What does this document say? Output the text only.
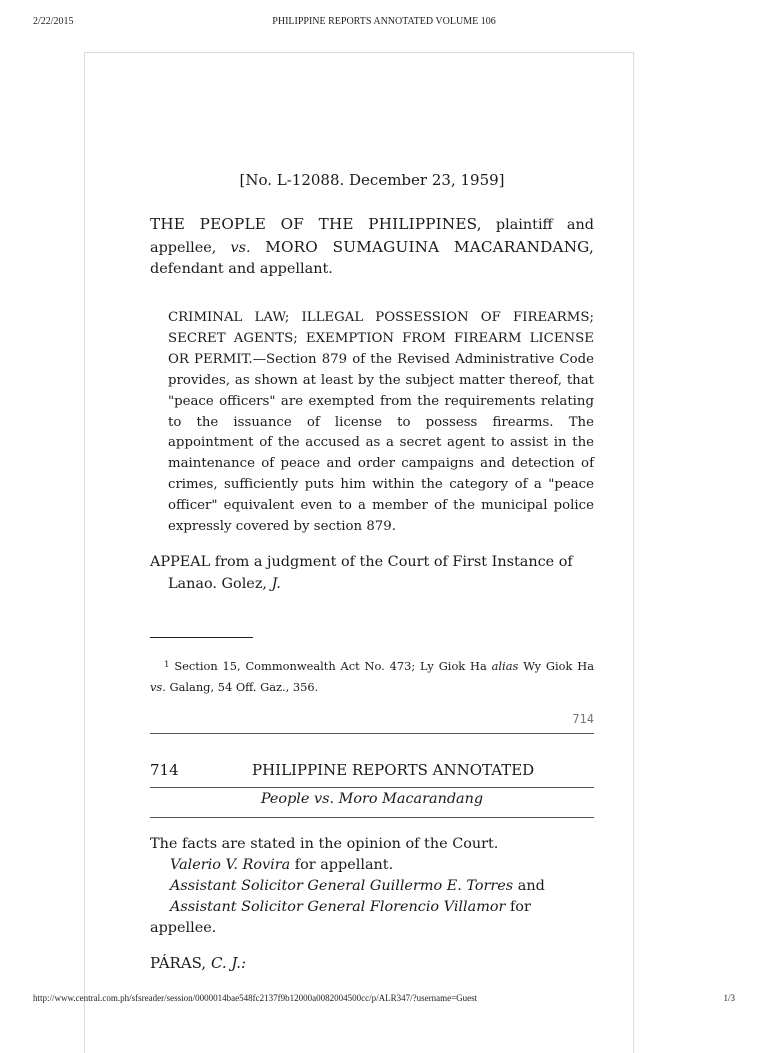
2/22/2015	PHILIPPINE REPORTS ANNOTATED VOLUME 106
[No. L-12088. December 23, 1959]

THE PEOPLE OF THE PHILIPPINES, plaintiff and appellee, vs. MORO SUMAGUINA MACARANDANG, defendant and appellant.

CRIMINAL LAW; ILLEGAL POSSESSION OF FIREARMS; SECRET AGENTS; EXEMPTION FROM FIREARM LICENSE OR PERMIT.—Section 879 of the Revised Administrative Code provides, as shown at least by the subject matter thereof, that "peace officers" are exempted from the requirements relating to the issuance of license to possess firearms. The appointment of the accused as a secret agent to assist in the maintenance of peace and order campaigns and detection of crimes, sufficiently puts him within the category of a "peace officer" equivalent even to a member of the municipal police expressly covered by section 879.

APPEAL from a judgment of the Court of First Instance of
Lanao. Golez, J.

$^1$ Section 15, Commonwealth Act No. 473; Ly Giok Ha alias Wy Giok Ha vs. Galang, 54 Off. Gaz., 356.

714
714	PHILIPPINE REPORTS ANNOTATED
People vs. Moro Macarandang
The facts are stated in the opinion of the Court.
Valerio V. Rovira for appellant.
Assistant Solicitor General Guillermo E. Torres and
Assistant Solicitor General Florencio Villamor for
appellee.
PÁRAS, C. J.:
http://www.central.com.ph/sfsreader/session/0000014bae548fc2137f9b12000a0082004500cc/p/ALR347/?username=Guest	1/3
